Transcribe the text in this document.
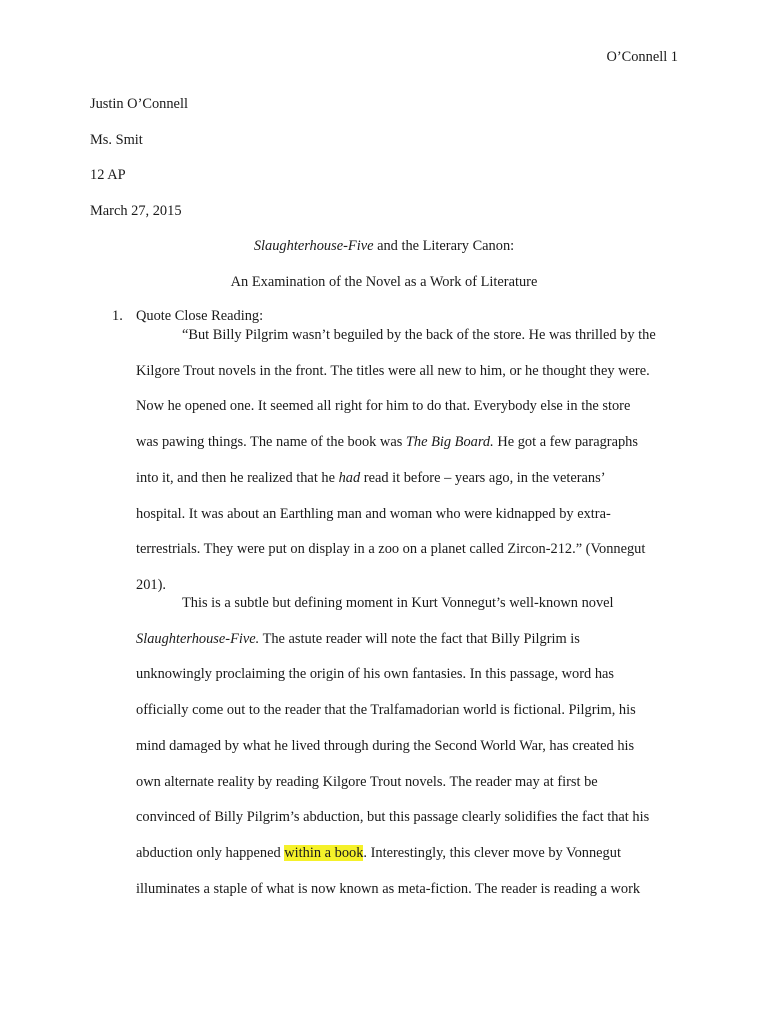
O’Connell 1
Justin O’Connell
Ms. Smit
12 AP
March 27, 2015
Slaughterhouse-Five and the Literary Canon:
An Examination of the Novel as a Work of Literature
1. Quote Close Reading:
“But Billy Pilgrim wasn’t beguiled by the back of the store. He was thrilled by the
Kilgore Trout novels in the front. The titles were all new to him, or he thought they were.
Now he opened one. It seemed all right for him to do that. Everybody else in the store
was pawing things. The name of the book was The Big Board. He got a few paragraphs
into it, and then he realized that he had read it before – years ago, in the veterans’
hospital. It was about an Earthling man and woman who were kidnapped by extra-
terrestrials. They were put on display in a zoo on a planet called Zircon-212.” (Vonnegut
201).
This is a subtle but defining moment in Kurt Vonnegut’s well-known novel
Slaughterhouse-Five. The astute reader will note the fact that Billy Pilgrim is
unknowingly proclaiming the origin of his own fantasies. In this passage, word has
officially come out to the reader that the Tralfamadorian world is fictional. Pilgrim, his
mind damaged by what he lived through during the Second World War, has created his
own alternate reality by reading Kilgore Trout novels. The reader may at first be
convinced of Billy Pilgrim’s abduction, but this passage clearly solidifies the fact that his
abduction only happened within a book. Interestingly, this clever move by Vonnegut
illuminates a staple of what is now known as meta-fiction. The reader is reading a work
